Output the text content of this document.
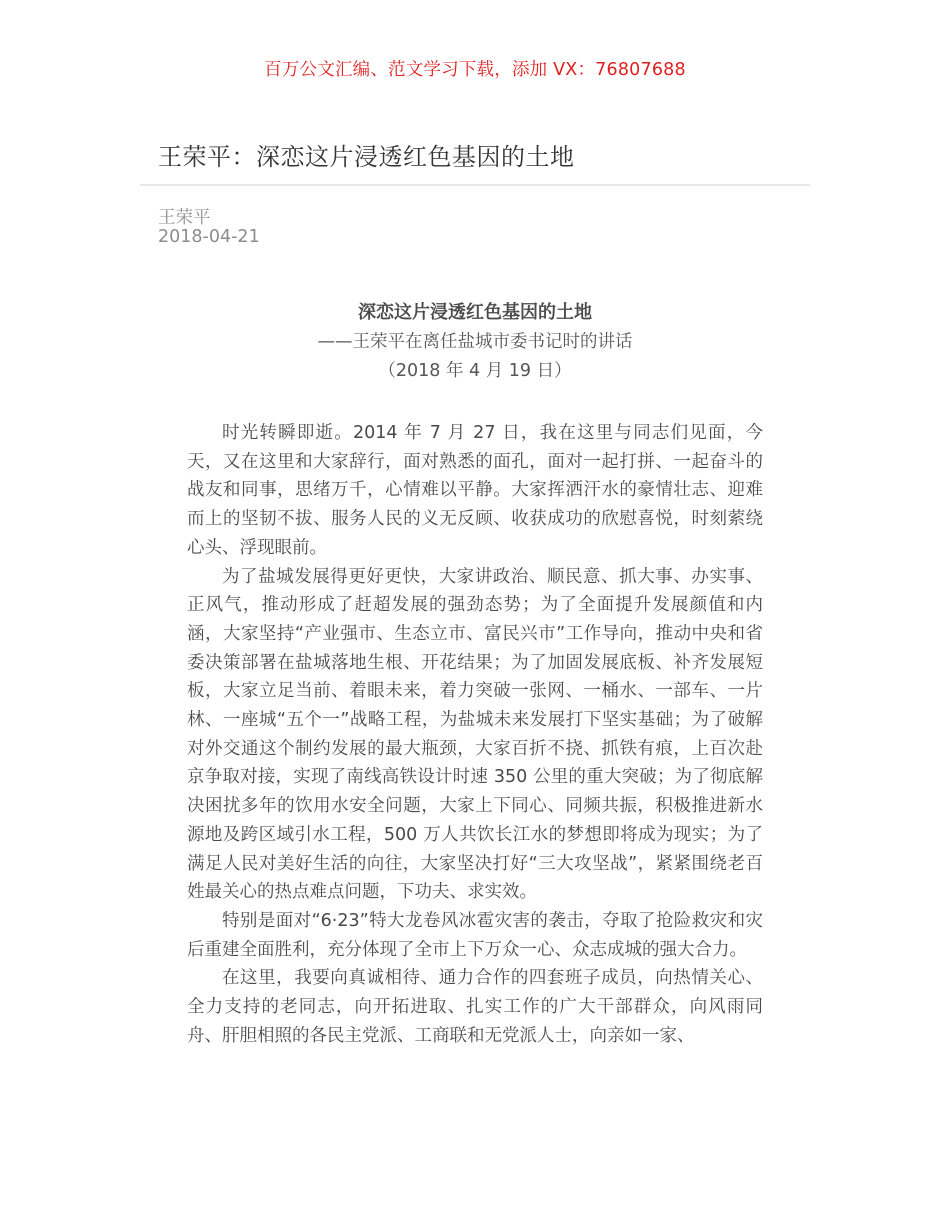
百万公文汇编、范文学习下载，添加 VX：76807688
王荣平：深恋这片浸透红色基因的土地
王荣平
2018-04-21
深恋这片浸透红色基因的土地
——王荣平在离任盐城市委书记时的讲话
（2018 年 4 月 19 日）

时光转瞬即逝。2014 年 7 月 27 日，我在这里与同志们见面，今天，又在这里和大家辞行，面对熟悉的面孔，面对一起打拼、一起奋斗的战友和同事，思绪万千，心情难以平静。大家挥洒汗水的豪情壮志、迎难而上的坚韧不拔、服务人民的义无反顾、收获成功的欣慰喜悦，时刻萦绕心头、浮现眼前。

为了盐城发展得更好更快，大家讲政治、顺民意、抓大事、办实事、正风气，推动形成了赶超发展的强劲态势；为了全面提升发展颜值和内涵，大家坚持“产业强市、生态立市、富民兴市”工作导向，推动中央和省委决策部署在盐城落地生根、开花结果；为了加固发展底板、补齐发展短板，大家立足当前、着眼未来，着力突破一张网、一桶水、一部车、一片林、一座城“五个一”战略工程，为盐城未来发展打下坚实基础；为了破解对外交通这个制约发展的最大瓶颈，大家百折不挠、抓铁有痕，上百次赴京争取对接，实现了南线高铁设计时速 350 公里的重大突破；为了彻底解决困扰多年的饮用水安全问题，大家上下同心、同频共振，积极推进新水源地及跨区域引水工程，500 万人共饮长江水的梦想即将成为现实；为了满足人民对美好生活的向往，大家坚决打好“三大攻坚战”，紧紧围绕老百姓最关心的热点难点问题，下功夫、求实效。

特别是面对“6·23”特大龙卷风冰雹灾害的袭击，夺取了抢险救灾和灾后重建全面胜利，充分体现了全市上下万众一心、众志成城的强大合力。

在这里，我要向真诚相待、通力合作的四套班子成员，向热情关心、全力支持的老同志，向开拓进取、扎实工作的广大干部群众，向风雨同舟、肝胆相照的各民主党派、工商联和无党派人士，向亲如一家、
